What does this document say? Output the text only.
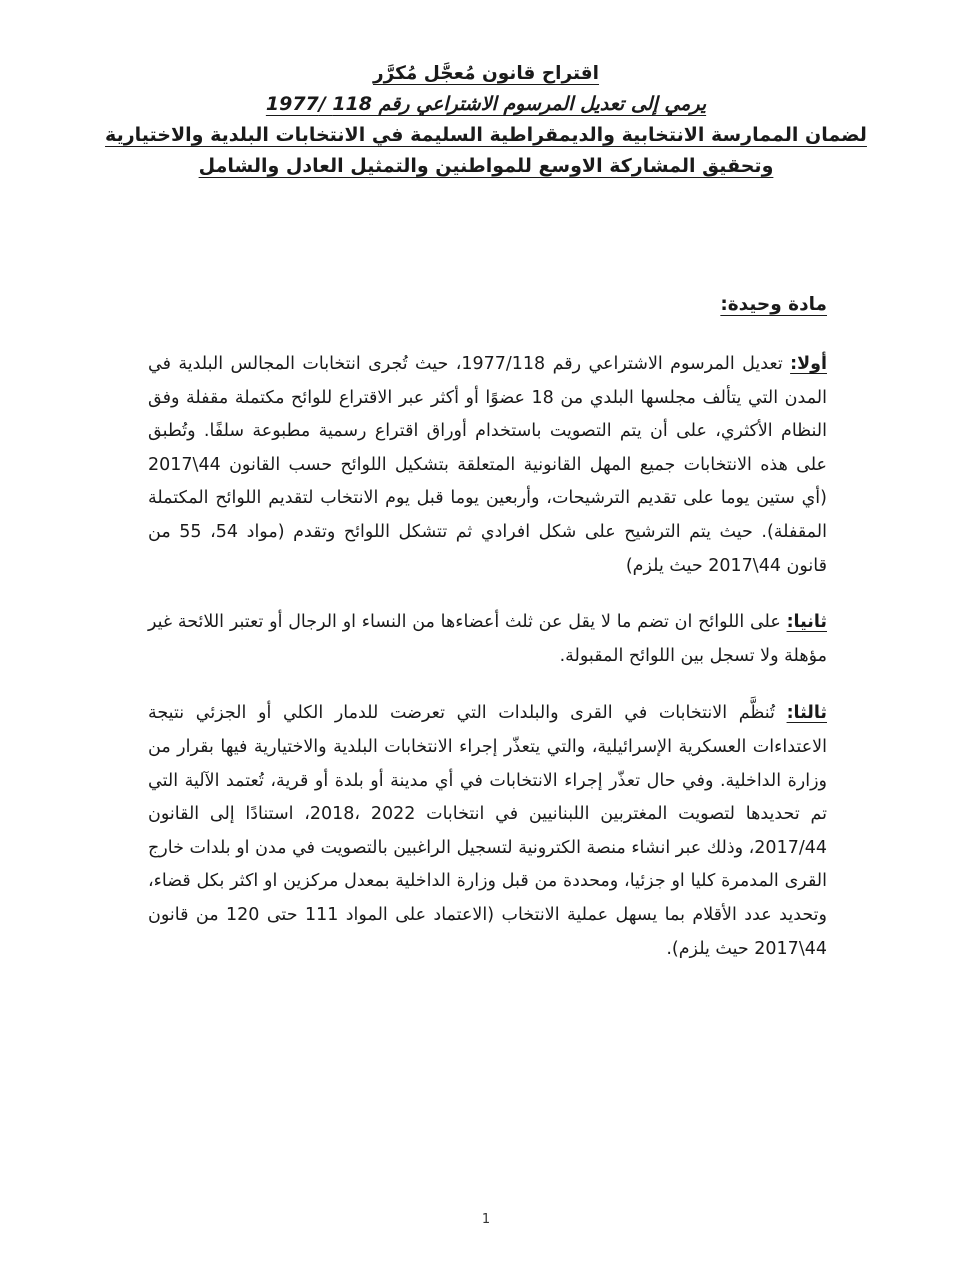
اقتراح قانون مُعجَّل مُكرَّر

يرمي إلى تعديل المرسوم الاشتراعي رقم 118 /1977

لضمان الممارسة الانتخابية والديمقراطية السليمة في الانتخابات البلدية والاختيارية

وتحقيق المشاركة الاوسع للمواطنين والتمثيل العادل والشامل

مادة وحيدة:

أولا: تعديل المرسوم الاشتراعي رقم 1977/118، حيث تُجرى انتخابات المجالس البلدية في المدن التي يتألف مجلسها البلدي من 18 عضوًا أو أكثر عبر الاقتراع للوائح مكتملة مقفلة وفق النظام الأكثري، على أن يتم التصويت باستخدام أوراق اقتراع رسمية مطبوعة سلفًا. وتُطبق على هذه الانتخابات جميع المهل القانونية المتعلقة بتشكيل اللوائح حسب القانون 44\2017 (أي ستين يوما على تقديم الترشيحات، وأربعين يوما قبل يوم الانتخاب لتقديم اللوائح المكتملة المقفلة). حيث يتم الترشيح على شكل افرادي ثم تتشكل اللوائح وتقدم (مواد 54، 55 من قانون 44\2017 حيث يلزم)

ثانيا: على اللوائح ان تضم ما لا يقل عن ثلث أعضاءها من النساء او الرجال أو تعتبر اللائحة غير مؤهلة ولا تسجل بين اللوائح المقبولة.

ثالثا: تُنظَّم الانتخابات في القرى والبلدات التي تعرضت للدمار الكلي أو الجزئي نتيجة الاعتداءات العسكرية الإسرائيلية، والتي يتعذّر إجراء الانتخابات البلدية والاختيارية فيها بقرار من وزارة الداخلية. وفي حال تعذّر إجراء الانتخابات في أي مدينة أو بلدة أو قرية، تُعتمد الآلية التي تم تحديدها لتصويت المغتربين اللبنانيين في انتخابات 2022 ،2018، استنادًا إلى القانون 2017/44، وذلك عبر انشاء منصة الكترونية لتسجيل الراغبين بالتصويت في مدن او بلدات خارج القرى المدمرة كليا او جزئيا، ومحددة من قبل وزارة الداخلية بمعدل مركزين او اكثر بكل قضاء، وتحديد عدد الأقلام بما يسهل عملية الانتخاب (الاعتماد على المواد 111 حتى 120 من قانون 44\2017 حيث يلزم).

1
